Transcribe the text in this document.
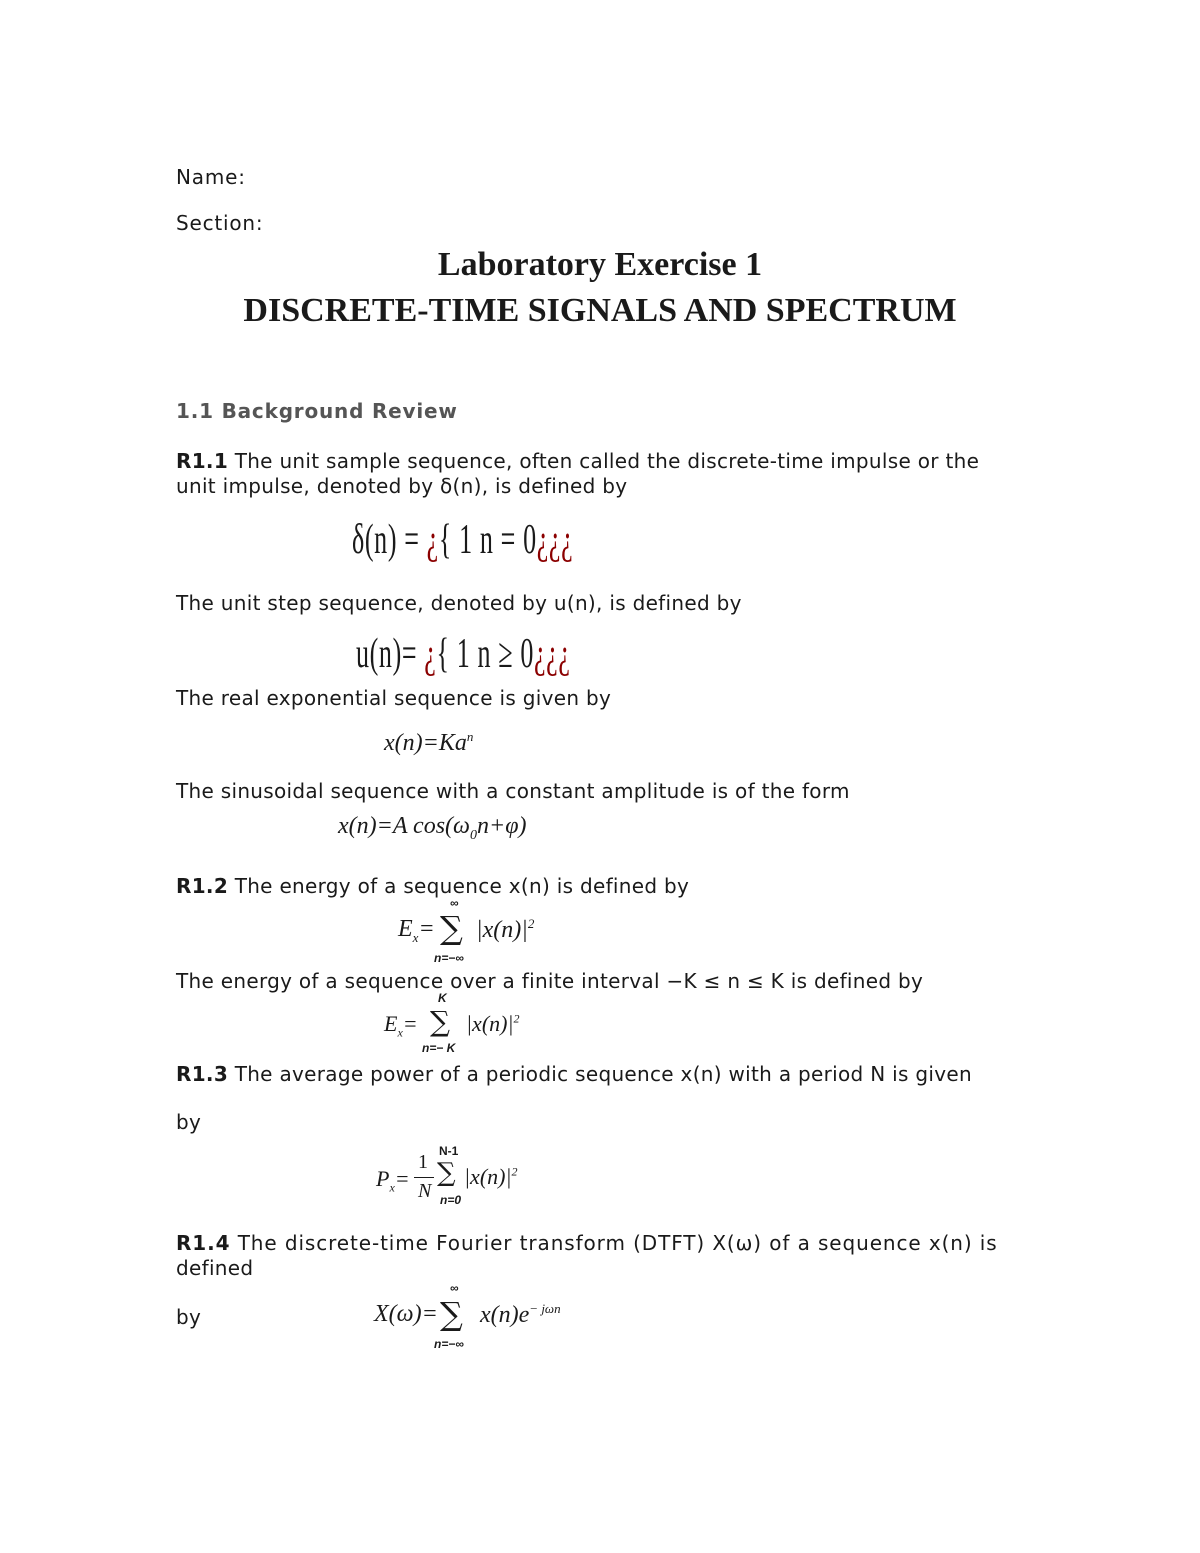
Name:
Section:
Laboratory Exercise 1
DISCRETE-TIME SIGNALS AND SPECTRUM
1.1 Background Review
R1.1 The unit sample sequence, often called the discrete-time impulse or the
unit impulse, denoted by δ(n), is defined by
δ(n) = ¿{ 1 n = 0¿¿¿
The unit step sequence, denoted by u(n), is defined by
u(n)= ¿{ 1 n ≥ 0¿¿¿
The real exponential sequence is given by
$x(n)=Ka^n$
The sinusoidal sequence with a constant amplitude is of the form
x(n)=A $\cos(\omega_0n+\varphi)$
R1.2 The energy of a sequence x(n) is defined by
$E_x=$
∞
∑
n=−∞
$|x(n)|^2$
The energy of a sequence over a finite interval −K ≤ n ≤ K is defined by
$E_x=$
K
∑
n=− K
$|x(n)|^2$
R1.3 The average power of a periodic sequence x(n) with a period N is given
by
$P_x=$
1
N
N-1
∑
n=0
$|x(n)|^2$
R1.4 The discrete-time Fourier transform (DTFT) X(ω) of a sequence x(n) is
defined
by	X(ω)=
∞
∑
n=−∞
$x(n)e^{- j\omega n}$
